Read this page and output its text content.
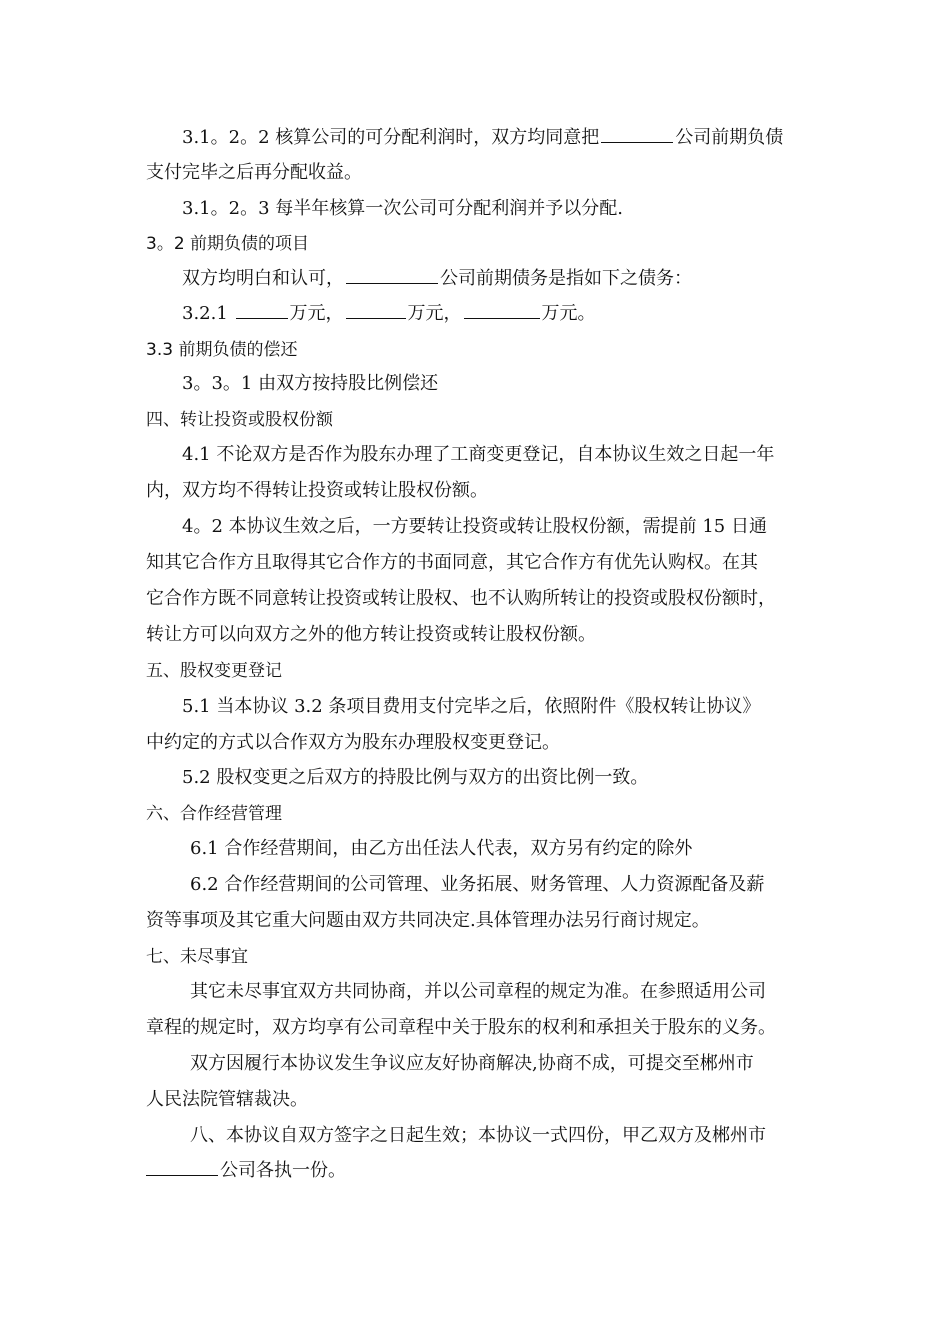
3.1。2。2 核算公司的可分配利润时，双方均同意把	公司前期负债
支付完毕之后再分配收益。
3.1。2。3 每半年核算一次公司可分配利润并予以分配.
3。2 前期负债的项目
双方均明白和认可，	公司前期债务是指如下之债务：
3.2.1	万元，	万元，	万元。
3.3 前期负债的偿还
3。3。1 由双方按持股比例偿还
四、转让投资或股权份额
4.1 不论双方是否作为股东办理了工商变更登记，自本协议生效之日起一年
内，双方均不得转让投资或转让股权份额。
4。2 本协议生效之后，一方要转让投资或转让股权份额，需提前 15 日通
知其它合作方且取得其它合作方的书面同意，其它合作方有优先认购权。在其
它合作方既不同意转让投资或转让股权、也不认购所转让的投资或股权份额时，
转让方可以向双方之外的他方转让投资或转让股权份额。
五、股权变更登记
5.1 当本协议 3.2 条项目费用支付完毕之后，依照附件《股权转让协议》
中约定的方式以合作双方为股东办理股权变更登记。
5.2 股权变更之后双方的持股比例与双方的出资比例一致。
六、合作经营管理
6.1 合作经营期间，由乙方出任法人代表，双方另有约定的除外
6.2 合作经营期间的公司管理、业务拓展、财务管理、人力资源配备及薪
资等事项及其它重大问题由双方共同决定.具体管理办法另行商讨规定。
七、未尽事宜
其它未尽事宜双方共同协商，并以公司章程的规定为准。在参照适用公司
章程的规定时，双方均享有公司章程中关于股东的权利和承担关于股东的义务。
双方因履行本协议发生争议应友好协商解决,协商不成，可提交至郴州市
人民法院管辖裁决。
八、本协议自双方签字之日起生效；本协议一式四份，甲乙双方及郴州市
公司各执一份。
